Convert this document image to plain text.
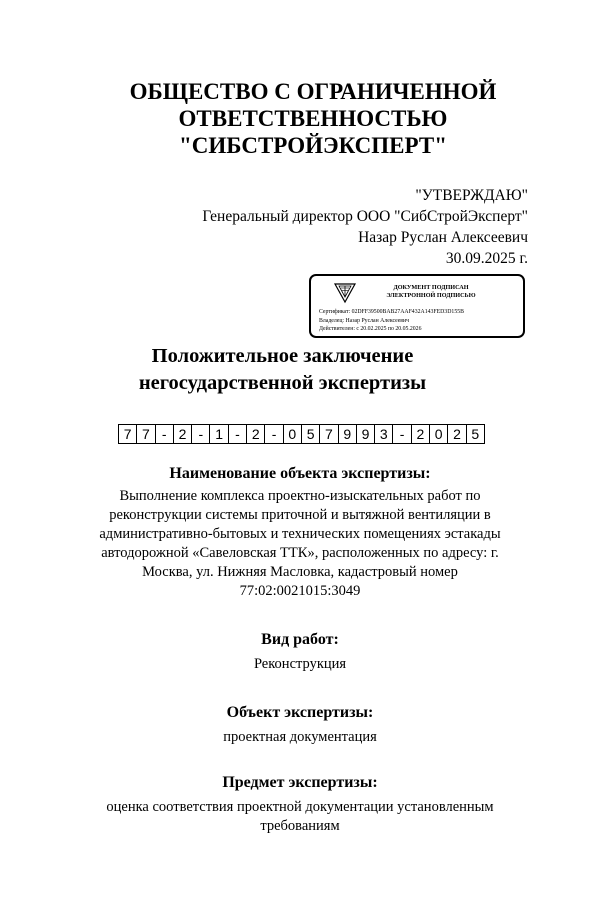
ОБЩЕСТВО С ОГРАНИЧЕННОЙ
ОТВЕТСТВЕННОСТЬЮ
"СИБСТРОЙЭКСПЕРТ"
"УТВЕРЖДАЮ"
Генеральный директор ООО "СибСтройЭксперт"
Назар Руслан Алексеевич
30.09.2025 г.
ДОКУМЕНТ ПОДПИСАН
ЭЛЕКТРОННОЙ ПОДПИСЬЮ
Сертификат: 02DFF39500BAB27AAF432A143FED3D155B
Владелец: Назар Руслан Алексеевич
Действителен: с 20.02.2025 по 20.05.2026
Положительное заключение
негосударственной экспертизы
7 7 - 2 - 1 - 2 - 0 5 7 9 9 3 - 2 0 2 5
Наименование объекта экспертизы:
Выполнение комплекса проектно-изыскательных работ по
реконструкции системы приточной и вытяжной вентиляции в
административно-бытовых и технических помещениях эстакады
автодорожной «Савеловская ТТК», расположенных по адресу: г.
Москва, ул. Нижняя Масловка, кадастровый номер
77:02:0021015:3049
Вид работ:
Реконструкция
Объект экспертизы:
проектная документация
Предмет экспертизы:
оценка соответствия проектной документации установленным
требованиям
